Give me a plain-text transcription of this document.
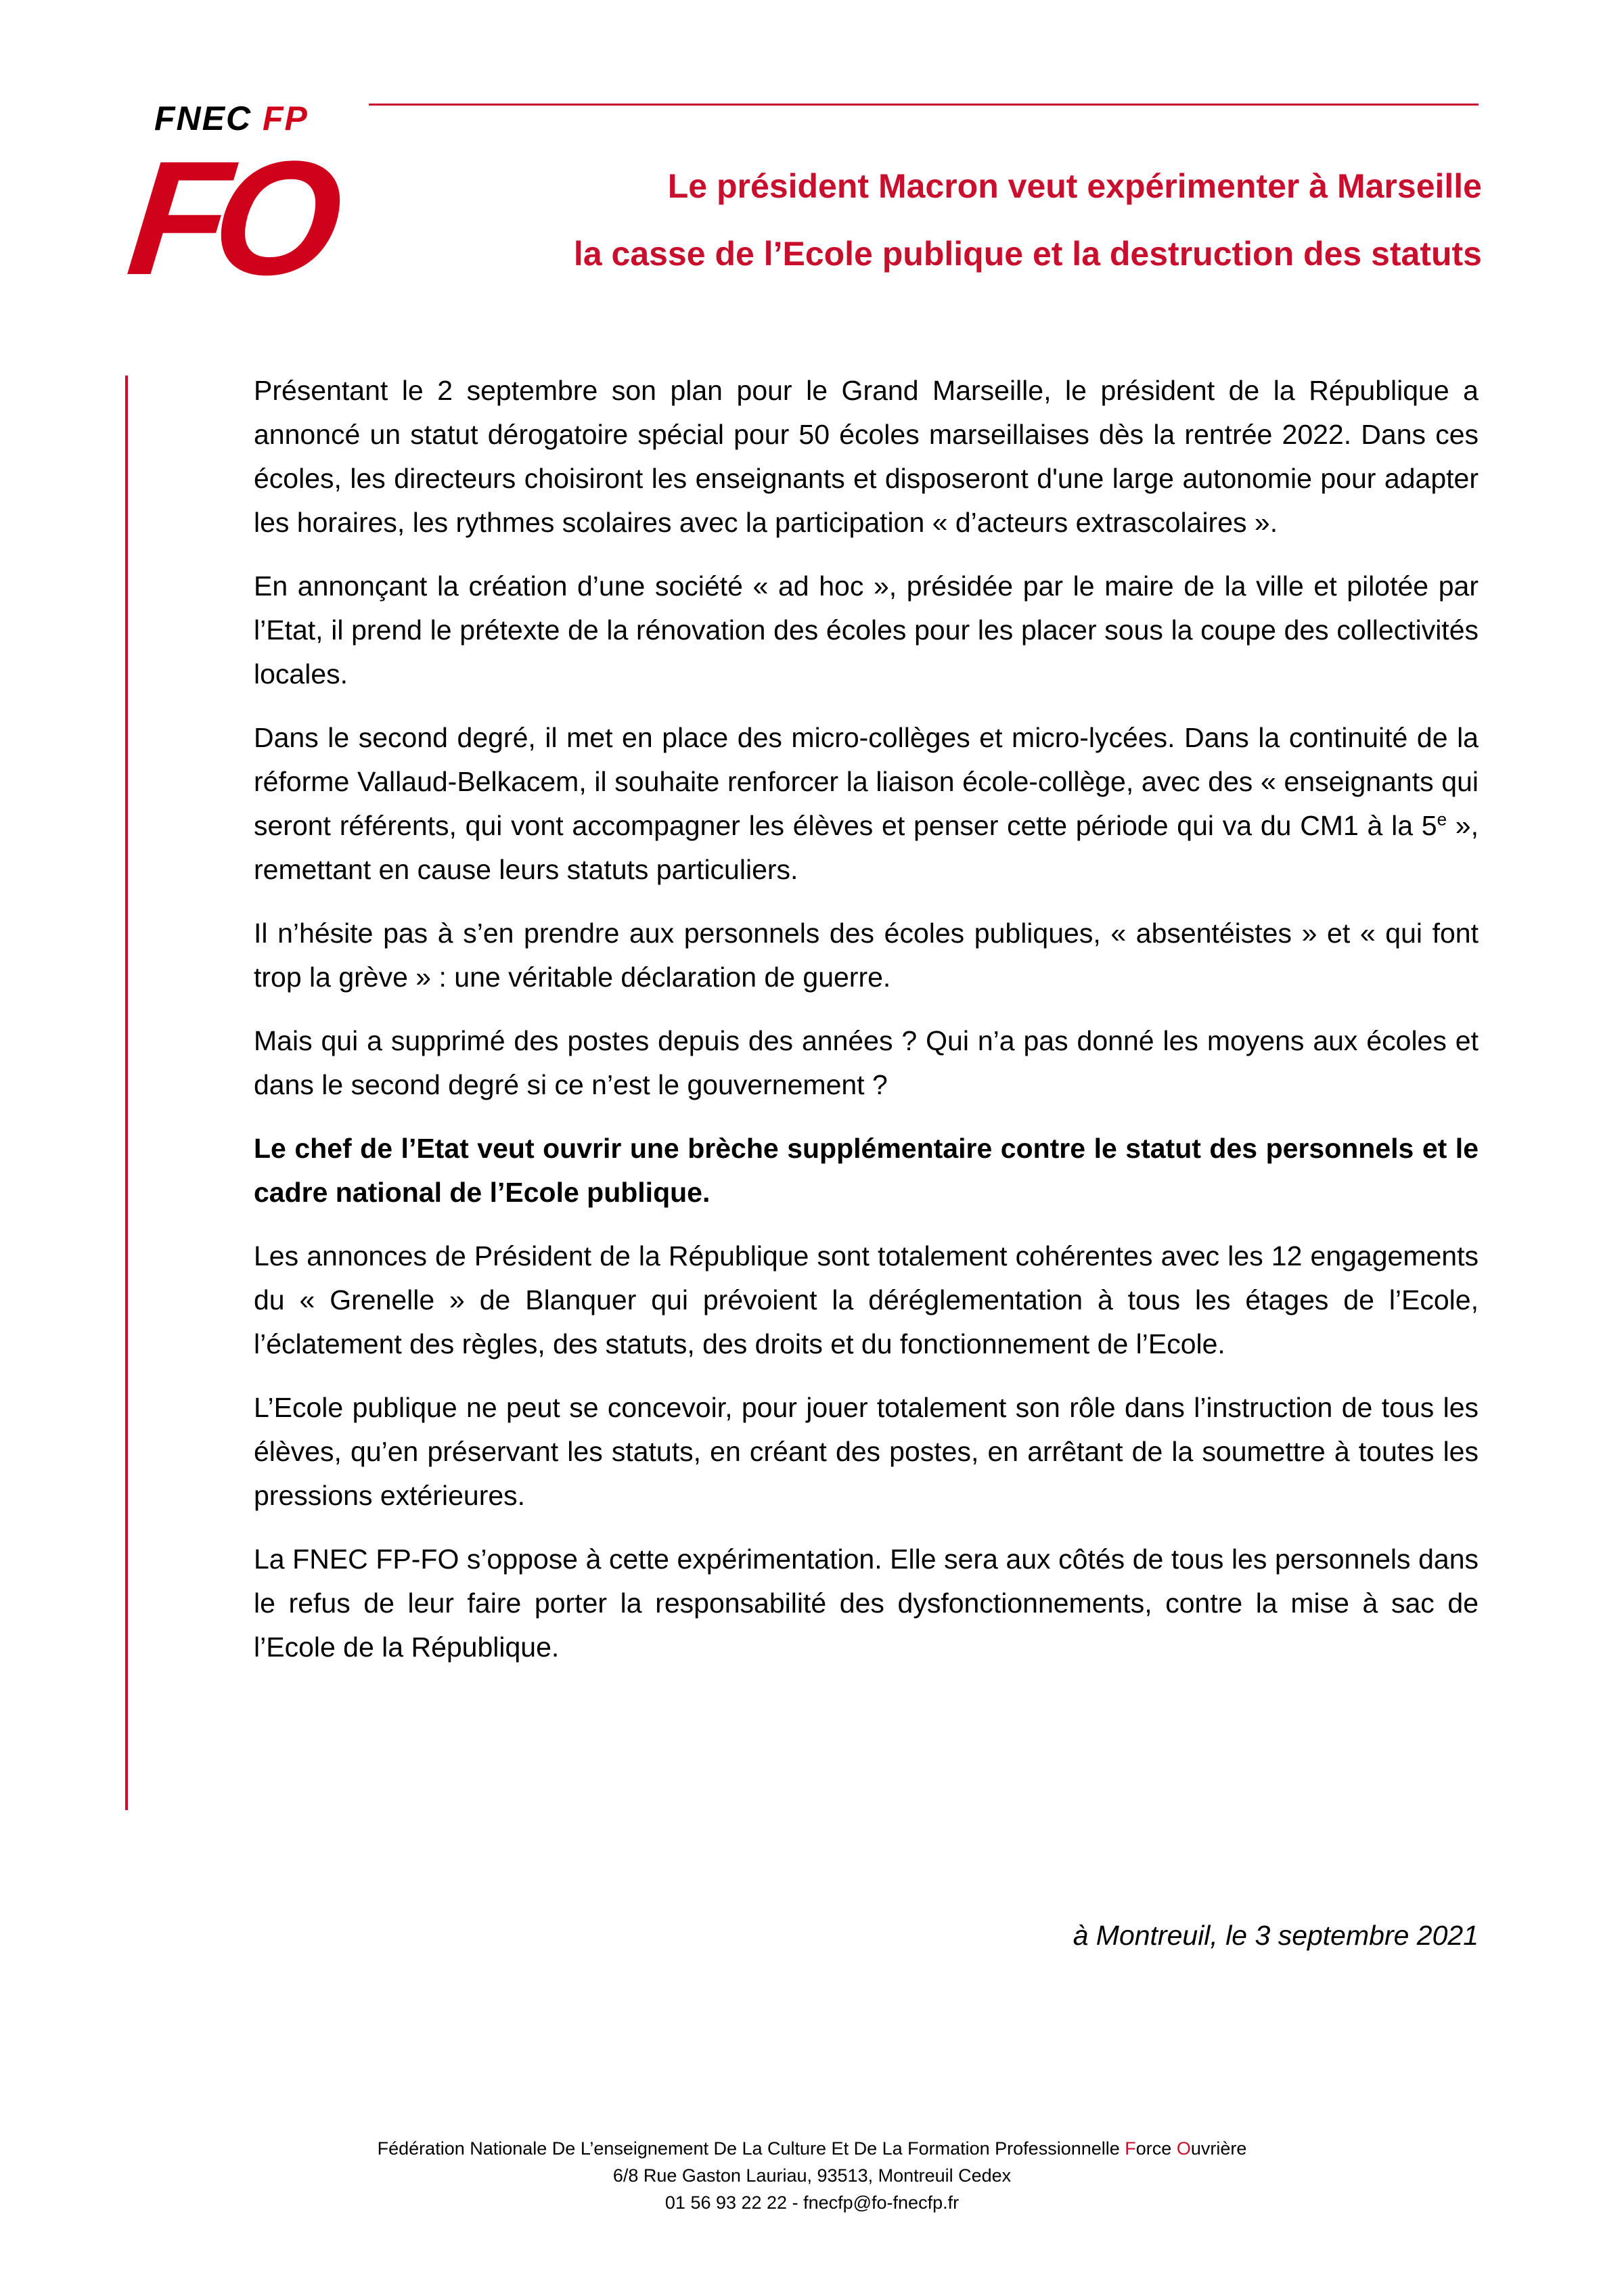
FNEC FP
FO	Le président Macron veut expérimenter à Marseille
la casse de l’Ecole publique et la destruction des statuts

Présentant le 2 septembre son plan pour le Grand Marseille, le président de la République a annoncé un statut dérogatoire spécial pour 50 écoles marseillaises dès la rentrée 2022. Dans ces écoles, les directeurs choisiront les enseignants et disposeront d'une large autonomie pour adapter les horaires, les rythmes scolaires avec la participation « d’acteurs extrascolaires ».

En annonçant la création d’une société « ad hoc », présidée par le maire de la ville et pilotée par l’Etat, il prend le prétexte de la rénovation des écoles pour les placer sous la coupe des collectivités locales.

Dans le second degré, il met en place des micro-collèges et micro-lycées. Dans la continuité de la réforme Vallaud-Belkacem, il souhaite renforcer la liaison école-collège, avec des « enseignants qui seront référents, qui vont accompagner les élèves et penser cette période qui va du CM1 à la 5e », remettant en cause leurs statuts particuliers.

Il n’hésite pas à s’en prendre aux personnels des écoles publiques, « absentéistes » et « qui font trop la grève » : une véritable déclaration de guerre.

Mais qui a supprimé des postes depuis des années ? Qui n’a pas donné les moyens aux écoles et dans le second degré si ce n’est le gouvernement ?

Le chef de l’Etat veut ouvrir une brèche supplémentaire contre le statut des personnels et le cadre national de l’Ecole publique.

Les annonces de Président de la République sont totalement cohérentes avec les 12 engagements du « Grenelle » de Blanquer qui prévoient la déréglementation à tous les étages de l’Ecole, l’éclatement des règles, des statuts, des droits et du fonctionnement de l’Ecole.

L’Ecole publique ne peut se concevoir, pour jouer totalement son rôle dans l’instruction de tous les élèves, qu’en préservant les statuts, en créant des postes, en arrêtant de la soumettre à toutes les pressions extérieures.

La FNEC FP-FO s’oppose à cette expérimentation. Elle sera aux côtés de tous les personnels dans le refus de leur faire porter la responsabilité des dysfonctionnements, contre la mise à sac de l’Ecole de la République.

à Montreuil, le 3 septembre 2021
Fédération Nationale De L’enseignement De La Culture Et De La Formation Professionnelle Force Ouvrière
6/8 Rue Gaston Lauriau, 93513, Montreuil Cedex
01 56 93 22 22 - fnecfp@fo-fnecfp.fr
